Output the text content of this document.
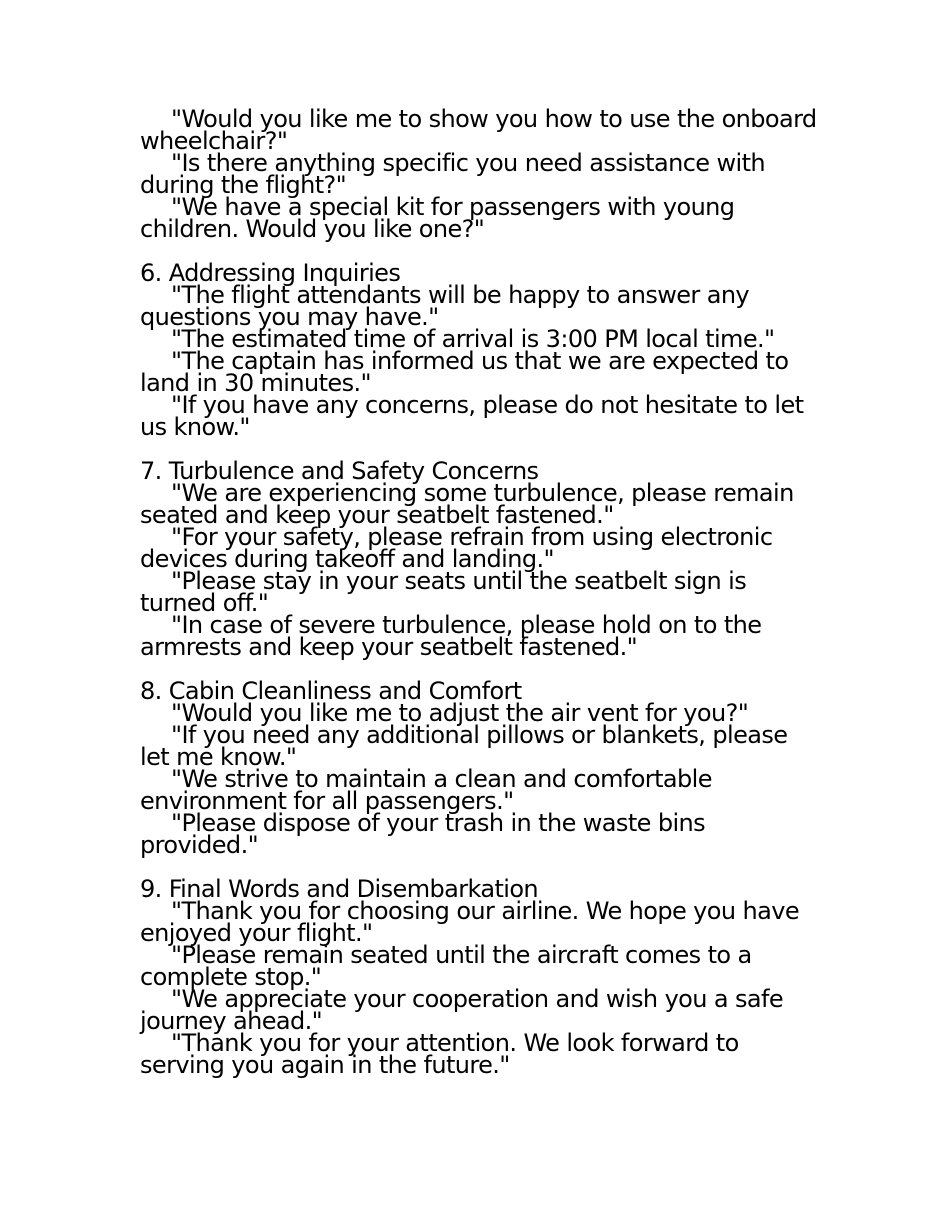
"Would you like me to show you how to use the onboard wheelchair?"

"Is there anything specific you need assistance with during the flight?"

"We have a special kit for passengers with young children. Would you like one?"

6. Addressing Inquiries

"The flight attendants will be happy to answer any questions you may have."

"The estimated time of arrival is 3:00 PM local time."

"The captain has informed us that we are expected to land in 30 minutes."

"If you have any concerns, please do not hesitate to let us know."

7. Turbulence and Safety Concerns

"We are experiencing some turbulence, please remain seated and keep your seatbelt fastened."

"For your safety, please refrain from using electronic devices during takeoff and landing."

"Please stay in your seats until the seatbelt sign is turned off."

"In case of severe turbulence, please hold on to the armrests and keep your seatbelt fastened."

8. Cabin Cleanliness and Comfort

"Would you like me to adjust the air vent for you?"

"If you need any additional pillows or blankets, please let me know."

"We strive to maintain a clean and comfortable environment for all passengers."

"Please dispose of your trash in the waste bins provided."

9. Final Words and Disembarkation

"Thank you for choosing our airline. We hope you have enjoyed your flight."

"Please remain seated until the aircraft comes to a complete stop."

"We appreciate your cooperation and wish you a safe journey ahead."

"Thank you for your attention. We look forward to serving you again in the future."
